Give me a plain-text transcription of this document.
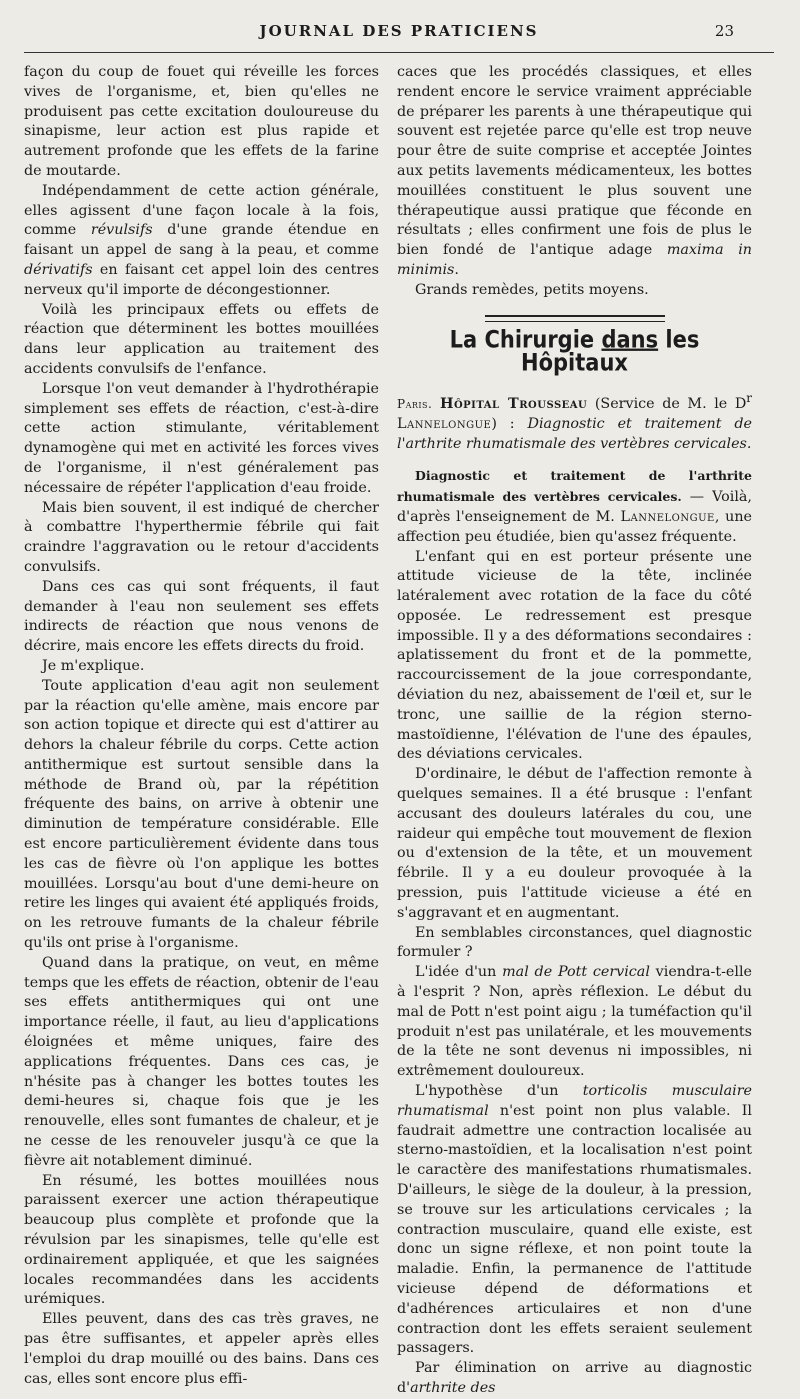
JOURNAL DES PRATICIENS	23

façon du coup de fouet qui réveille les forces vives de l'organisme, et, bien qu'elles ne produisent pas cette excitation douloureuse du sinapisme, leur action est plus rapide et autrement profonde que les effets de la farine de moutarde.

Indépendamment de cette action générale, elles agissent d'une façon locale à la fois, comme révulsifs d'une grande étendue en faisant un appel de sang à la peau, et comme dérivatifs en faisant cet appel loin des centres nerveux qu'il importe de décongestionner.

Voilà les principaux effets ou effets de réaction que déterminent les bottes mouillées dans leur application au traitement des accidents convulsifs de l'enfance.

Lorsque l'on veut demander à l'hydrothérapie simplement ses effets de réaction, c'est-à-dire cette action stimulante, véritablement dynamogène qui met en activité les forces vives de l'organisme, il n'est généralement pas nécessaire de répéter l'application d'eau froide.

Mais bien souvent, il est indiqué de chercher à combattre l'hyperthermie fébrile qui fait craindre l'aggravation ou le retour d'accidents convulsifs.

Dans ces cas qui sont fréquents, il faut demander à l'eau non seulement ses effets indirects de réaction que nous venons de décrire, mais encore les effets directs du froid.

Je m'explique.

Toute application d'eau agit non seulement par la réaction qu'elle amène, mais encore par son action topique et directe qui est d'attirer au dehors la chaleur fébrile du corps. Cette action antithermique est surtout sensible dans la méthode de Brand où, par la répétition fréquente des bains, on arrive à obtenir une diminution de température considérable. Elle est encore particulièrement évidente dans tous les cas de fièvre où l'on applique les bottes mouillées. Lorsqu'au bout d'une demi-heure on retire les linges qui avaient été appliqués froids, on les retrouve fumants de la chaleur fébrile qu'ils ont prise à l'organisme.

Quand dans la pratique, on veut, en même temps que les effets de réaction, obtenir de l'eau ses effets antithermiques qui ont une importance réelle, il faut, au lieu d'applications éloignées et même uniques, faire des applications fréquentes. Dans ces cas, je n'hésite pas à changer les bottes toutes les demi-heures si, chaque fois que je les renouvelle, elles sont fumantes de chaleur, et je ne cesse de les renouveler jusqu'à ce que la fièvre ait notablement diminué.

En résumé, les bottes mouillées nous paraissent exercer une action thérapeutique beaucoup plus complète et profonde que la révulsion par les sinapismes, telle qu'elle est ordinairement appliquée, et que les saignées locales recommandées dans les accidents urémiques.

Elles peuvent, dans des cas très graves, ne pas être suffisantes, et appeler après elles l'emploi du drap mouillé ou des bains. Dans ces cas, elles sont encore plus effi-

caces que les procédés classiques, et elles rendent encore le service vraiment appréciable de préparer les parents à une thérapeutique qui souvent est rejetée parce qu'elle est trop neuve pour être de suite comprise et acceptée Jointes aux petits lavements médicamenteux, les bottes mouillées constituent le plus souvent une thérapeutique aussi pratique que féconde en résultats ; elles confirment une fois de plus le bien fondé de l'antique adage maxima in minimis.

Grands remèdes, petits moyens.

La Chirurgie dans les Hôpitaux

Paris. Hôpital Trousseau (Service de M. le $D^r$ Lannelongue) : Diagnostic et traitement de l'arthrite rhumatismale des vertèbres cervicales.

Diagnostic et traitement de l'arthrite rhumatismale des vertèbres cervicales. — Voilà, d'après l'enseignement de M. Lannelongue, une affection peu étudiée, bien qu'assez fréquente.

L'enfant qui en est porteur présente une attitude vicieuse de la tête, inclinée latéralement avec rotation de la face du côté opposée. Le redressement est presque impossible. Il y a des déformations secondaires : aplatissement du front et de la pommette, raccourcissement de la joue correspondante, déviation du nez, abaissement de l'œil et, sur le tronc, une saillie de la région sterno-mastoïdienne, l'élévation de l'une des épaules, des déviations cervicales.

D'ordinaire, le début de l'affection remonte à quelques semaines. Il a été brusque : l'enfant accusant des douleurs latérales du cou, une raideur qui empêche tout mouvement de flexion ou d'extension de la tête, et un mouvement fébrile. Il y a eu douleur provoquée à la pression, puis l'attitude vicieuse a été en s'aggravant et en augmentant.

En semblables circonstances, quel diagnostic formuler ?

L'idée d'un mal de Pott cervical viendra-t-elle à l'esprit ? Non, après réflexion. Le début du mal de Pott n'est point aigu ; la tuméfaction qu'il produit n'est pas unilatérale, et les mouvements de la tête ne sont devenus ni impossibles, ni extrêmement douloureux.

L'hypothèse d'un torticolis musculaire rhumatismal n'est point non plus valable. Il faudrait admettre une contraction localisée au sterno-mastoïdien, et la localisation n'est point le caractère des manifestations rhumatismales. D'ailleurs, le siège de la douleur, à la pression, se trouve sur les articulations cervicales ; la contraction musculaire, quand elle existe, est donc un signe réflexe, et non point toute la maladie. Enfin, la permanence de l'attitude vicieuse dépend de déformations et d'adhérences articulaires et non d'une contraction dont les effets seraient seulement passagers.

Par élimination on arrive au diagnostic d'arthrite des
